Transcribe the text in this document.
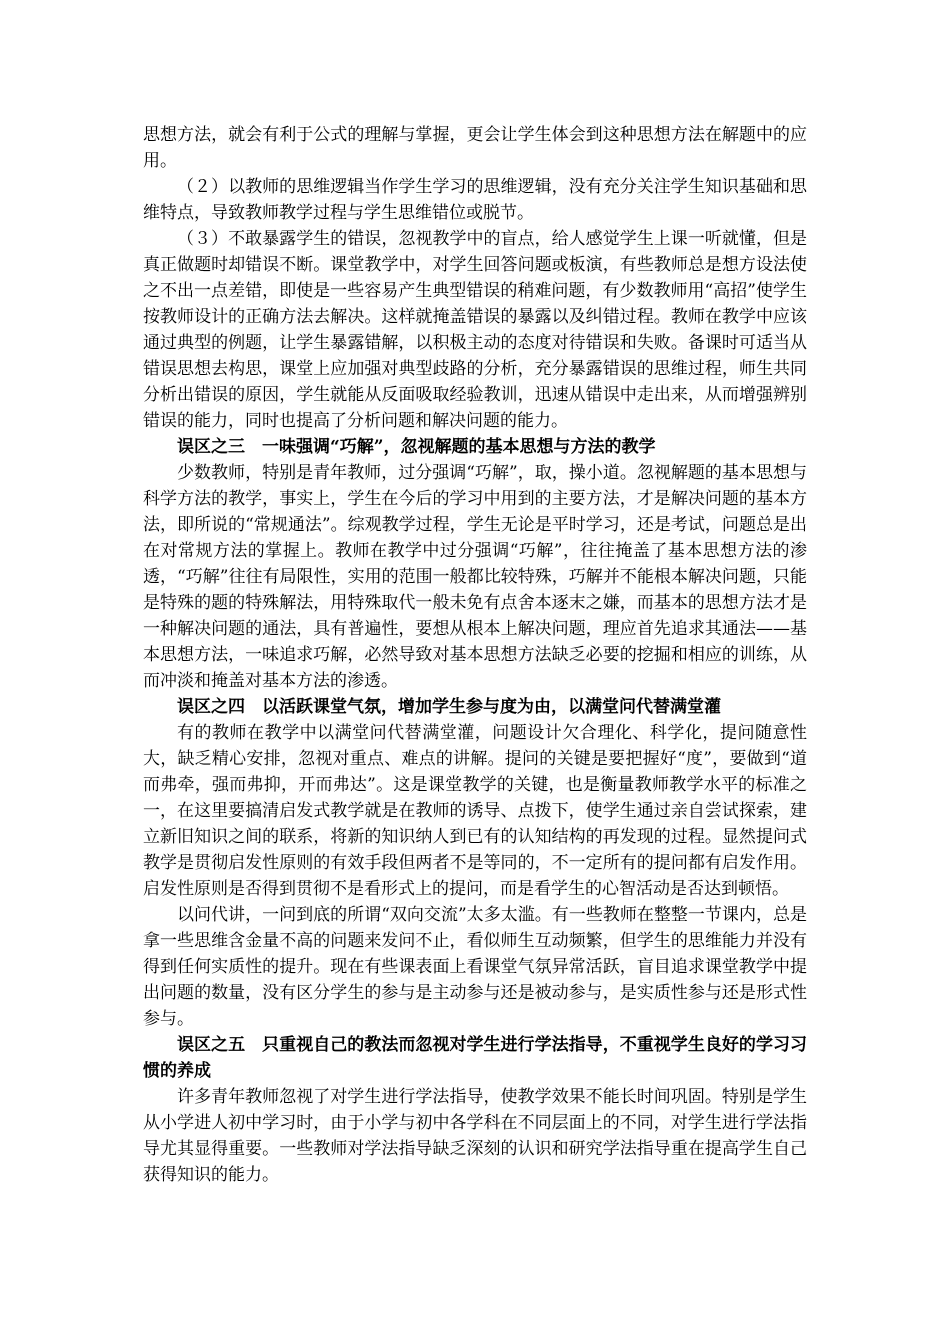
思想方法，就会有利于公式的理解与掌握，更会让学生体会到这种思想方法在解题中的应用。

（２）以教师的思维逻辑当作学生学习的思维逻辑，没有充分关注学生知识基础和思维特点，导致教师教学过程与学生思维错位或脱节。

（３）不敢暴露学生的错误，忽视教学中的盲点，给人感觉学生上课一听就懂，但是真正做题时却错误不断。课堂教学中，对学生回答问题或板演，有些教师总是想方设法使之不出一点差错，即使是一些容易产生典型错误的稍难问题，有少数教师用“高招”使学生按教师设计的正确方法去解决。这样就掩盖错误的暴露以及纠错过程。教师在教学中应该通过典型的例题，让学生暴露错解，以积极主动的态度对待错误和失败。备课时可适当从错误思想去构思，课堂上应加强对典型歧路的分析，充分暴露错误的思维过程，师生共同分析出错误的原因，学生就能从反面吸取经验教训，迅速从错误中走出来，从而增强辨别错误的能力，同时也提高了分析问题和解决问题的能力。

误区之三　一味强调“巧解”，忽视解题的基本思想与方法的教学

少数教师，特别是青年教师，过分强调“巧解”，取，操小道。忽视解题的基本思想与科学方法的教学，事实上，学生在今后的学习中用到的主要方法，才是解决问题的基本方法，即所说的“常规通法”。综观教学过程，学生无论是平时学习，还是考试，问题总是出在对常规方法的掌握上。教师在教学中过分强调“巧解”，往往掩盖了基本思想方法的渗透，“巧解”往往有局限性，实用的范围一般都比较特殊，巧解并不能根本解决问题，只能是特殊的题的特殊解法，用特殊取代一般未免有点舍本逐末之嫌，而基本的思想方法才是一种解决问题的通法，具有普遍性，要想从根本上解决问题，理应首先追求其通法——基本思想方法，一味追求巧解，必然导致对基本思想方法缺乏必要的挖掘和相应的训练，从而冲淡和掩盖对基本方法的渗透。

误区之四　以活跃课堂气氛，增加学生参与度为由，以满堂问代替满堂灌

有的教师在教学中以满堂问代替满堂灌，问题设计欠合理化、科学化，提问随意性大，缺乏精心安排，忽视对重点、难点的讲解。提问的关键是要把握好“度”，要做到“道而弗牵，强而弗抑，开而弗达”。这是课堂教学的关键，也是衡量教师教学水平的标准之一，在这里要搞清启发式教学就是在教师的诱导、点拨下，使学生通过亲自尝试探索，建立新旧知识之间的联系，将新的知识纳人到已有的认知结构的再发现的过程。显然提问式教学是贯彻启发性原则的有效手段但两者不是等同的，不一定所有的提问都有启发作用。启发性原则是否得到贯彻不是看形式上的提问，而是看学生的心智活动是否达到顿悟。

以问代讲，一问到底的所谓“双向交流”太多太滥。有一些教师在整整一节课内，总是拿一些思维含金量不高的问题来发问不止，看似师生互动频繁，但学生的思维能力并没有得到任何实质性的提升。现在有些课表面上看课堂气氛异常活跃，盲目追求课堂教学中提出问题的数量，没有区分学生的参与是主动参与还是被动参与，是实质性参与还是形式性参与。

误区之五　只重视自己的教法而忽视对学生进行学法指导，不重视学生良好的学习习惯的养成

许多青年教师忽视了对学生进行学法指导，使教学效果不能长时间巩固。特别是学生从小学进人初中学习时，由于小学与初中各学科在不同层面上的不同，对学生进行学法指导尤其显得重要。一些教师对学法指导缺乏深刻的认识和研究学法指导重在提高学生自己获得知识的能力。
